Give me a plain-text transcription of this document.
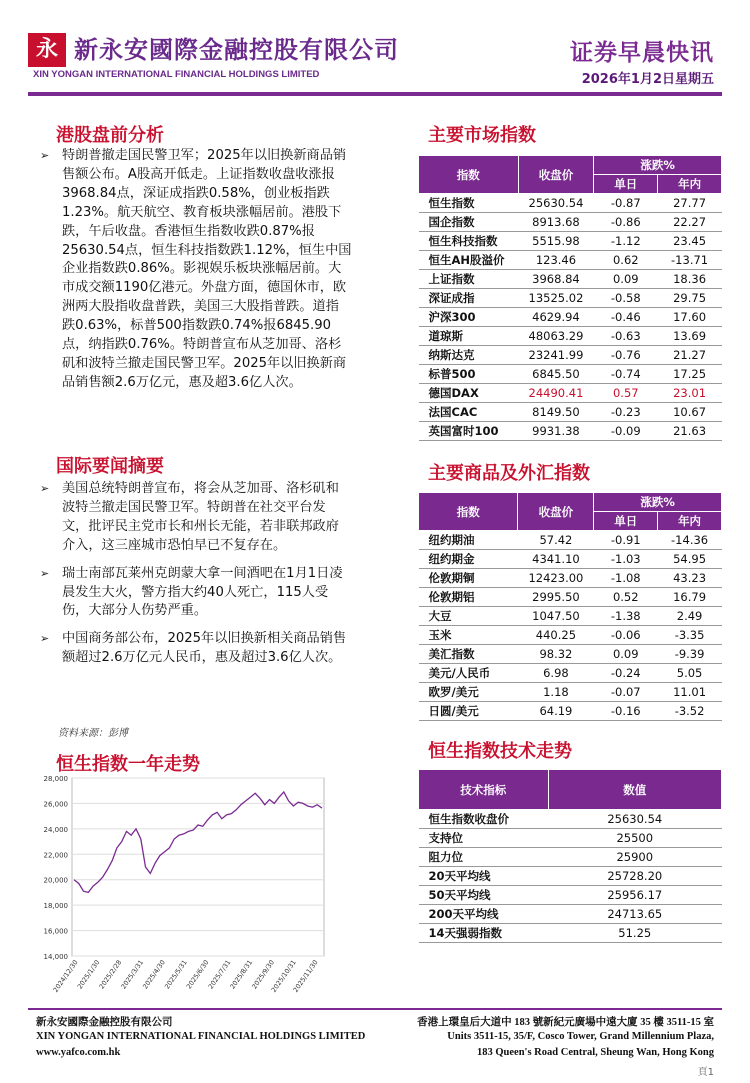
永 新永安國際金融控股有限公司
XIN YONGAN INTERNATIONAL FINANCIAL HOLDINGS LIMITED
证券早晨快讯
2026年1月2日星期五
港股盘前分析
➢ 特朗普撤走国民警卫军；2025年以旧换新商品销售额公布。A股高开低走。上证指数收盘收涨报3968.84点，深证成指跌0.58%，创业板指跌1.23%。航天航空、教育板块涨幅居前。港股下跌，午后收盘。香港恒生指数收跌0.87%报25630.54点，恒生科技指数跌1.12%，恒生中国企业指数跌0.86%。影视娱乐板块涨幅居前。大市成交额1190亿港元。外盘方面，德国休市，欧洲两大股指收盘普跌，美国三大股指普跌。道指跌0.63%，标普500指数跌0.74%报6845.90点，纳指跌0.76%。特朗普宣布从芝加哥、洛杉矶和波特兰撤走国民警卫军。2025年以旧换新商品销售额2.6万亿元，惠及超3.6亿人次。
国际要闻摘要
➢ 美国总统特朗普宣布，将会从芝加哥、洛杉矶和波特兰撤走国民警卫军。特朗普在社交平台发文，批评民主党市长和州长无能，若非联邦政府介入，这三座城市恐怕早已不复存在。
➢ 瑞士南部瓦莱州克朗蒙大拿一间酒吧在1月1日凌晨发生大火，警方指大约40人死亡，115人受伤，大部分人伤势严重。
➢ 中国商务部公布，2025年以旧换新相关商品销售额超过2.6万亿元人民币，惠及超过3.6亿人次。
资料来源：彭博
恒生指数一年走势
14,000
16,000
18,000
20,000
22,000
24,000
26,000
28,000
2024/12/30
2025/1/30
2025/2/28
2025/3/31
2025/4/30
2025/5/31
2025/6/30
2025/7/31
2025/8/31
2025/9/30
2025/10/31
2025/11/30
主要市场指数
指数	收盘价	涨跌%	
		单日	年内
恒生指数	25630.54	-0.87	27.77
国企指数	8913.68	-0.86	22.27
恒生科技指数	5515.98	-1.12	23.45
恒生AH股溢价	123.46	0.62	-13.71
上证指数	3968.84	0.09	18.36
深证成指	13525.02	-0.58	29.75
沪深300	4629.94	-0.46	17.60
道琼斯	48063.29	-0.63	13.69
纳斯达克	23241.99	-0.76	21.27
标普500	6845.50	-0.74	17.25
德国DAX	24490.41	0.57	23.01
法国CAC	8149.50	-0.23	10.67
英国富时100	9931.38	-0.09	21.63
主要商品及外汇指数
指数	收盘价	涨跌%	
		单日	年内
纽约期油	57.42	-0.91	-14.36
纽约期金	4341.10	-1.03	54.95
伦敦期铜	12423.00	-1.08	43.23
伦敦期铝	2995.50	0.52	16.79
大豆	1047.50	-1.38	2.49
玉米	440.25	-0.06	-3.35
美汇指数	98.32	0.09	-9.39
美元/人民币	6.98	-0.24	5.05
欧罗/美元	1.18	-0.07	11.01
日圆/美元	64.19	-0.16	-3.52
恒生指数技术走势
技术指标	数值
恒生指数收盘价	25630.54
支持位	25500
阻力位	25900
20天平均线	25728.20
50天平均线	25956.17
200天平均线	24713.65
14天强弱指数	51.25
新永安國際金融控股有限公司
XIN YONGAN INTERNATIONAL FINANCIAL HOLDINGS LIMITED
www.yafco.com.hk
香港上環皇后大道中 183 號新紀元廣場中遠大廈 35 樓 3511-15 室
Units 3511-15, 35/F, Cosco Tower, Grand Millennium Plaza,
183 Queen's Road Central, Sheung Wan, Hong Kong
頁1
